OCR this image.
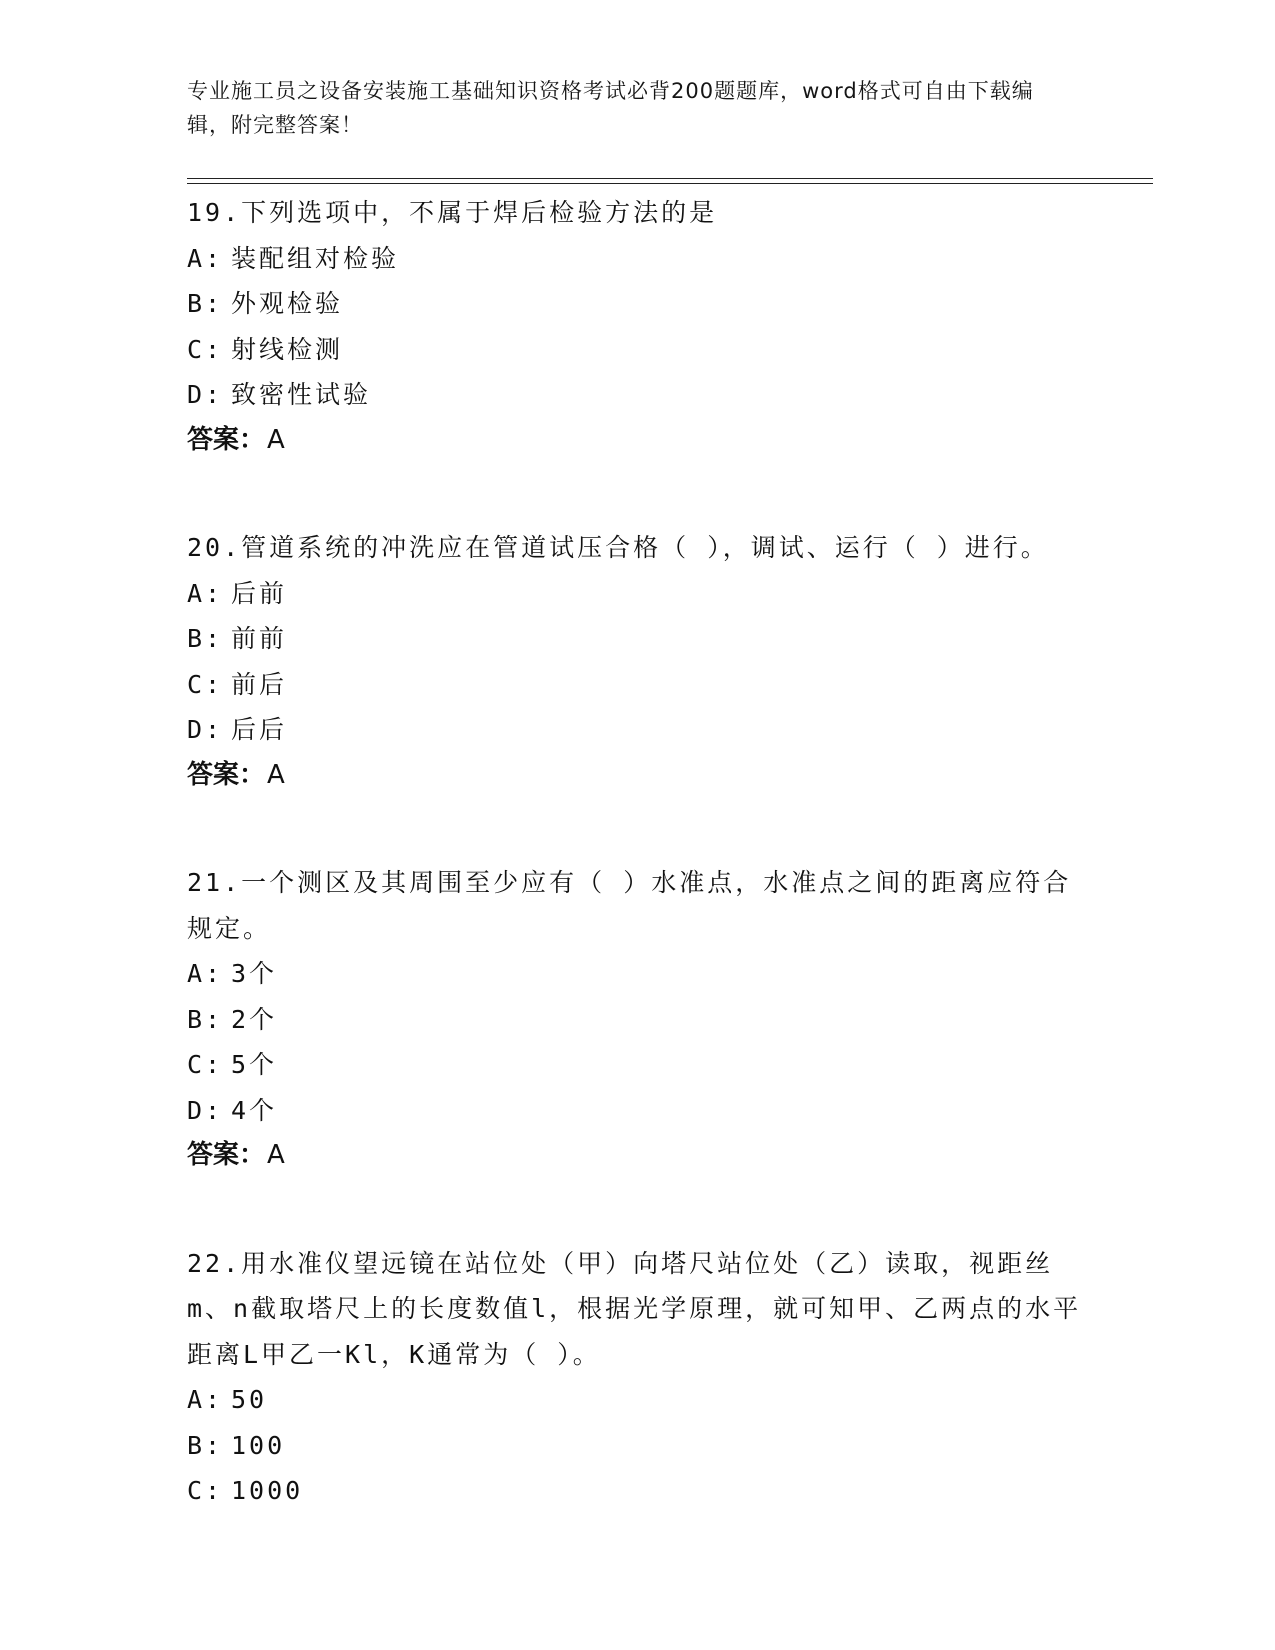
专业施工员之设备安装施工基础知识资格考试必背200题题库，word格式可自由下载编辑，附完整答案！
19.下列选项中，不属于焊后检验方法的是
A: 装配组对检验
B: 外观检验
C: 射线检测
D: 致密性试验
答案：A
20.管道系统的冲洗应在管道试压合格（ ），调试、运行（ ）进行。
A: 后前
B: 前前
C: 前后
D: 后后
答案：A
21.一个测区及其周围至少应有（ ）水准点，水准点之间的距离应符合规定。
A: 3个
B: 2个
C: 5个
D: 4个
答案：A
22.用水准仪望远镜在站位处（甲）向塔尺站位处（乙）读取，视距丝m、n截取塔尺上的长度数值l，根据光学原理，就可知甲、乙两点的水平距离L甲乙一Kl，K通常为（ ）。
A: 50
B: 100
C: 1000
